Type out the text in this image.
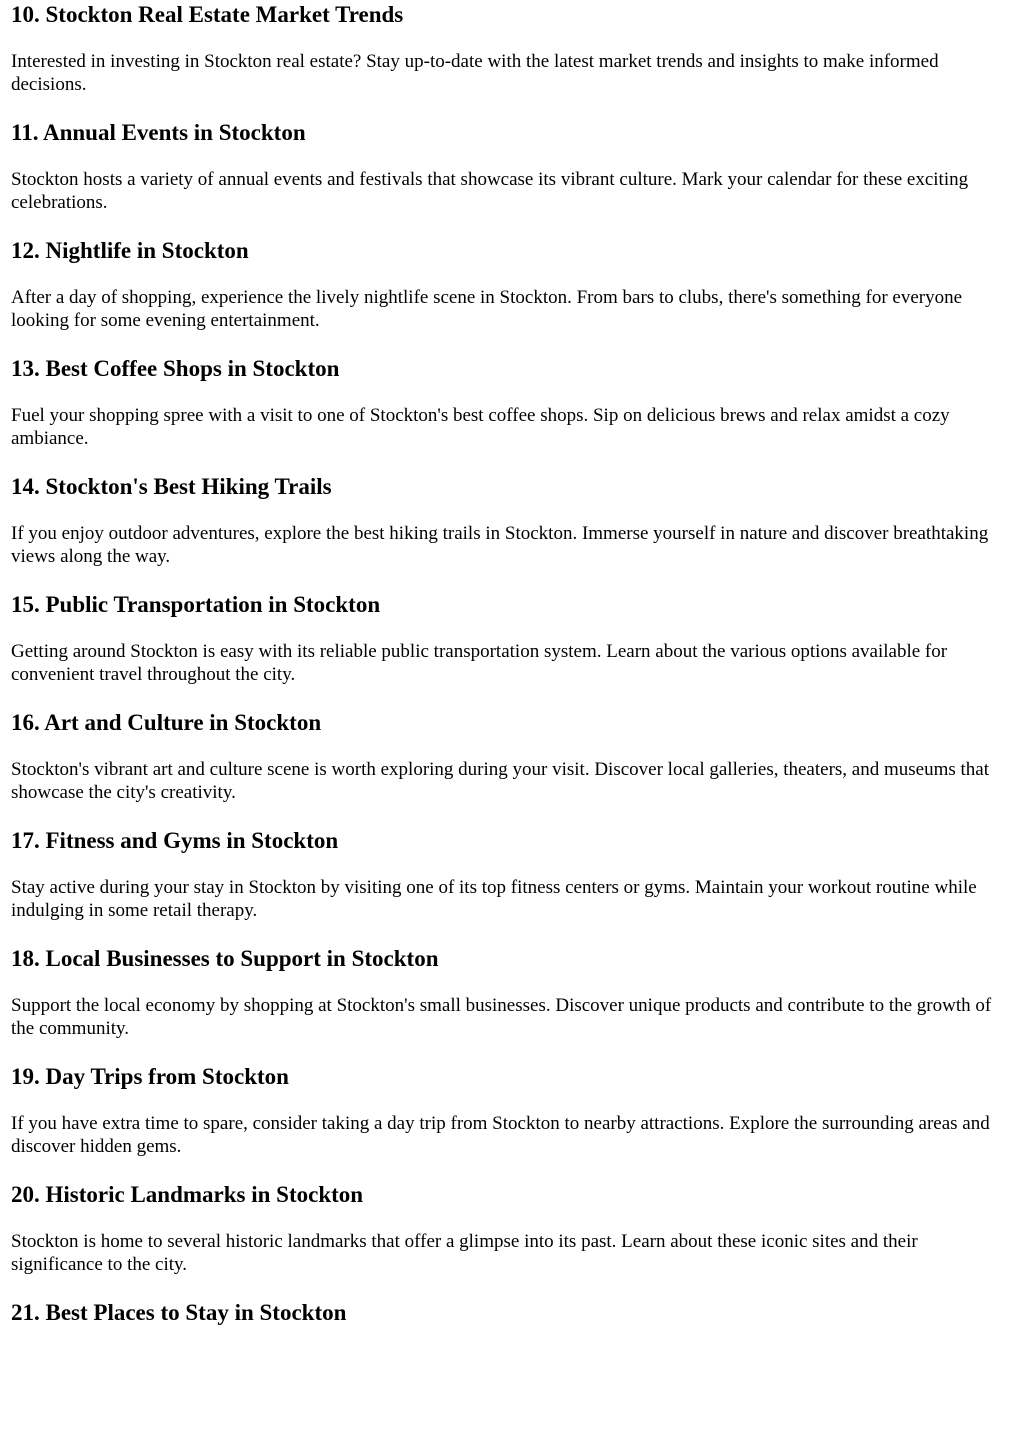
10. Stockton Real Estate Market Trends

Interested in investing in Stockton real estate? Stay up-to-date with the latest market trends and insights to make informed decisions.

11. Annual Events in Stockton

Stockton hosts a variety of annual events and festivals that showcase its vibrant culture. Mark your calendar for these exciting celebrations.

12. Nightlife in Stockton

After a day of shopping, experience the lively nightlife scene in Stockton. From bars to clubs, there's something for everyone looking for some evening entertainment.

13. Best Coffee Shops in Stockton

Fuel your shopping spree with a visit to one of Stockton's best coffee shops. Sip on delicious brews and relax amidst a cozy ambiance.

14. Stockton's Best Hiking Trails

If you enjoy outdoor adventures, explore the best hiking trails in Stockton. Immerse yourself in nature and discover breathtaking views along the way.

15. Public Transportation in Stockton

Getting around Stockton is easy with its reliable public transportation system. Learn about the various options available for convenient travel throughout the city.

16. Art and Culture in Stockton

Stockton's vibrant art and culture scene is worth exploring during your visit. Discover local galleries, theaters, and museums that showcase the city's creativity.

17. Fitness and Gyms in Stockton

Stay active during your stay in Stockton by visiting one of its top fitness centers or gyms. Maintain your workout routine while indulging in some retail therapy.

18. Local Businesses to Support in Stockton

Support the local economy by shopping at Stockton's small businesses. Discover unique products and contribute to the growth of the community.

19. Day Trips from Stockton

If you have extra time to spare, consider taking a day trip from Stockton to nearby attractions. Explore the surrounding areas and discover hidden gems.

20. Historic Landmarks in Stockton

Stockton is home to several historic landmarks that offer a glimpse into its past. Learn about these iconic sites and their significance to the city.

21. Best Places to Stay in Stockton
